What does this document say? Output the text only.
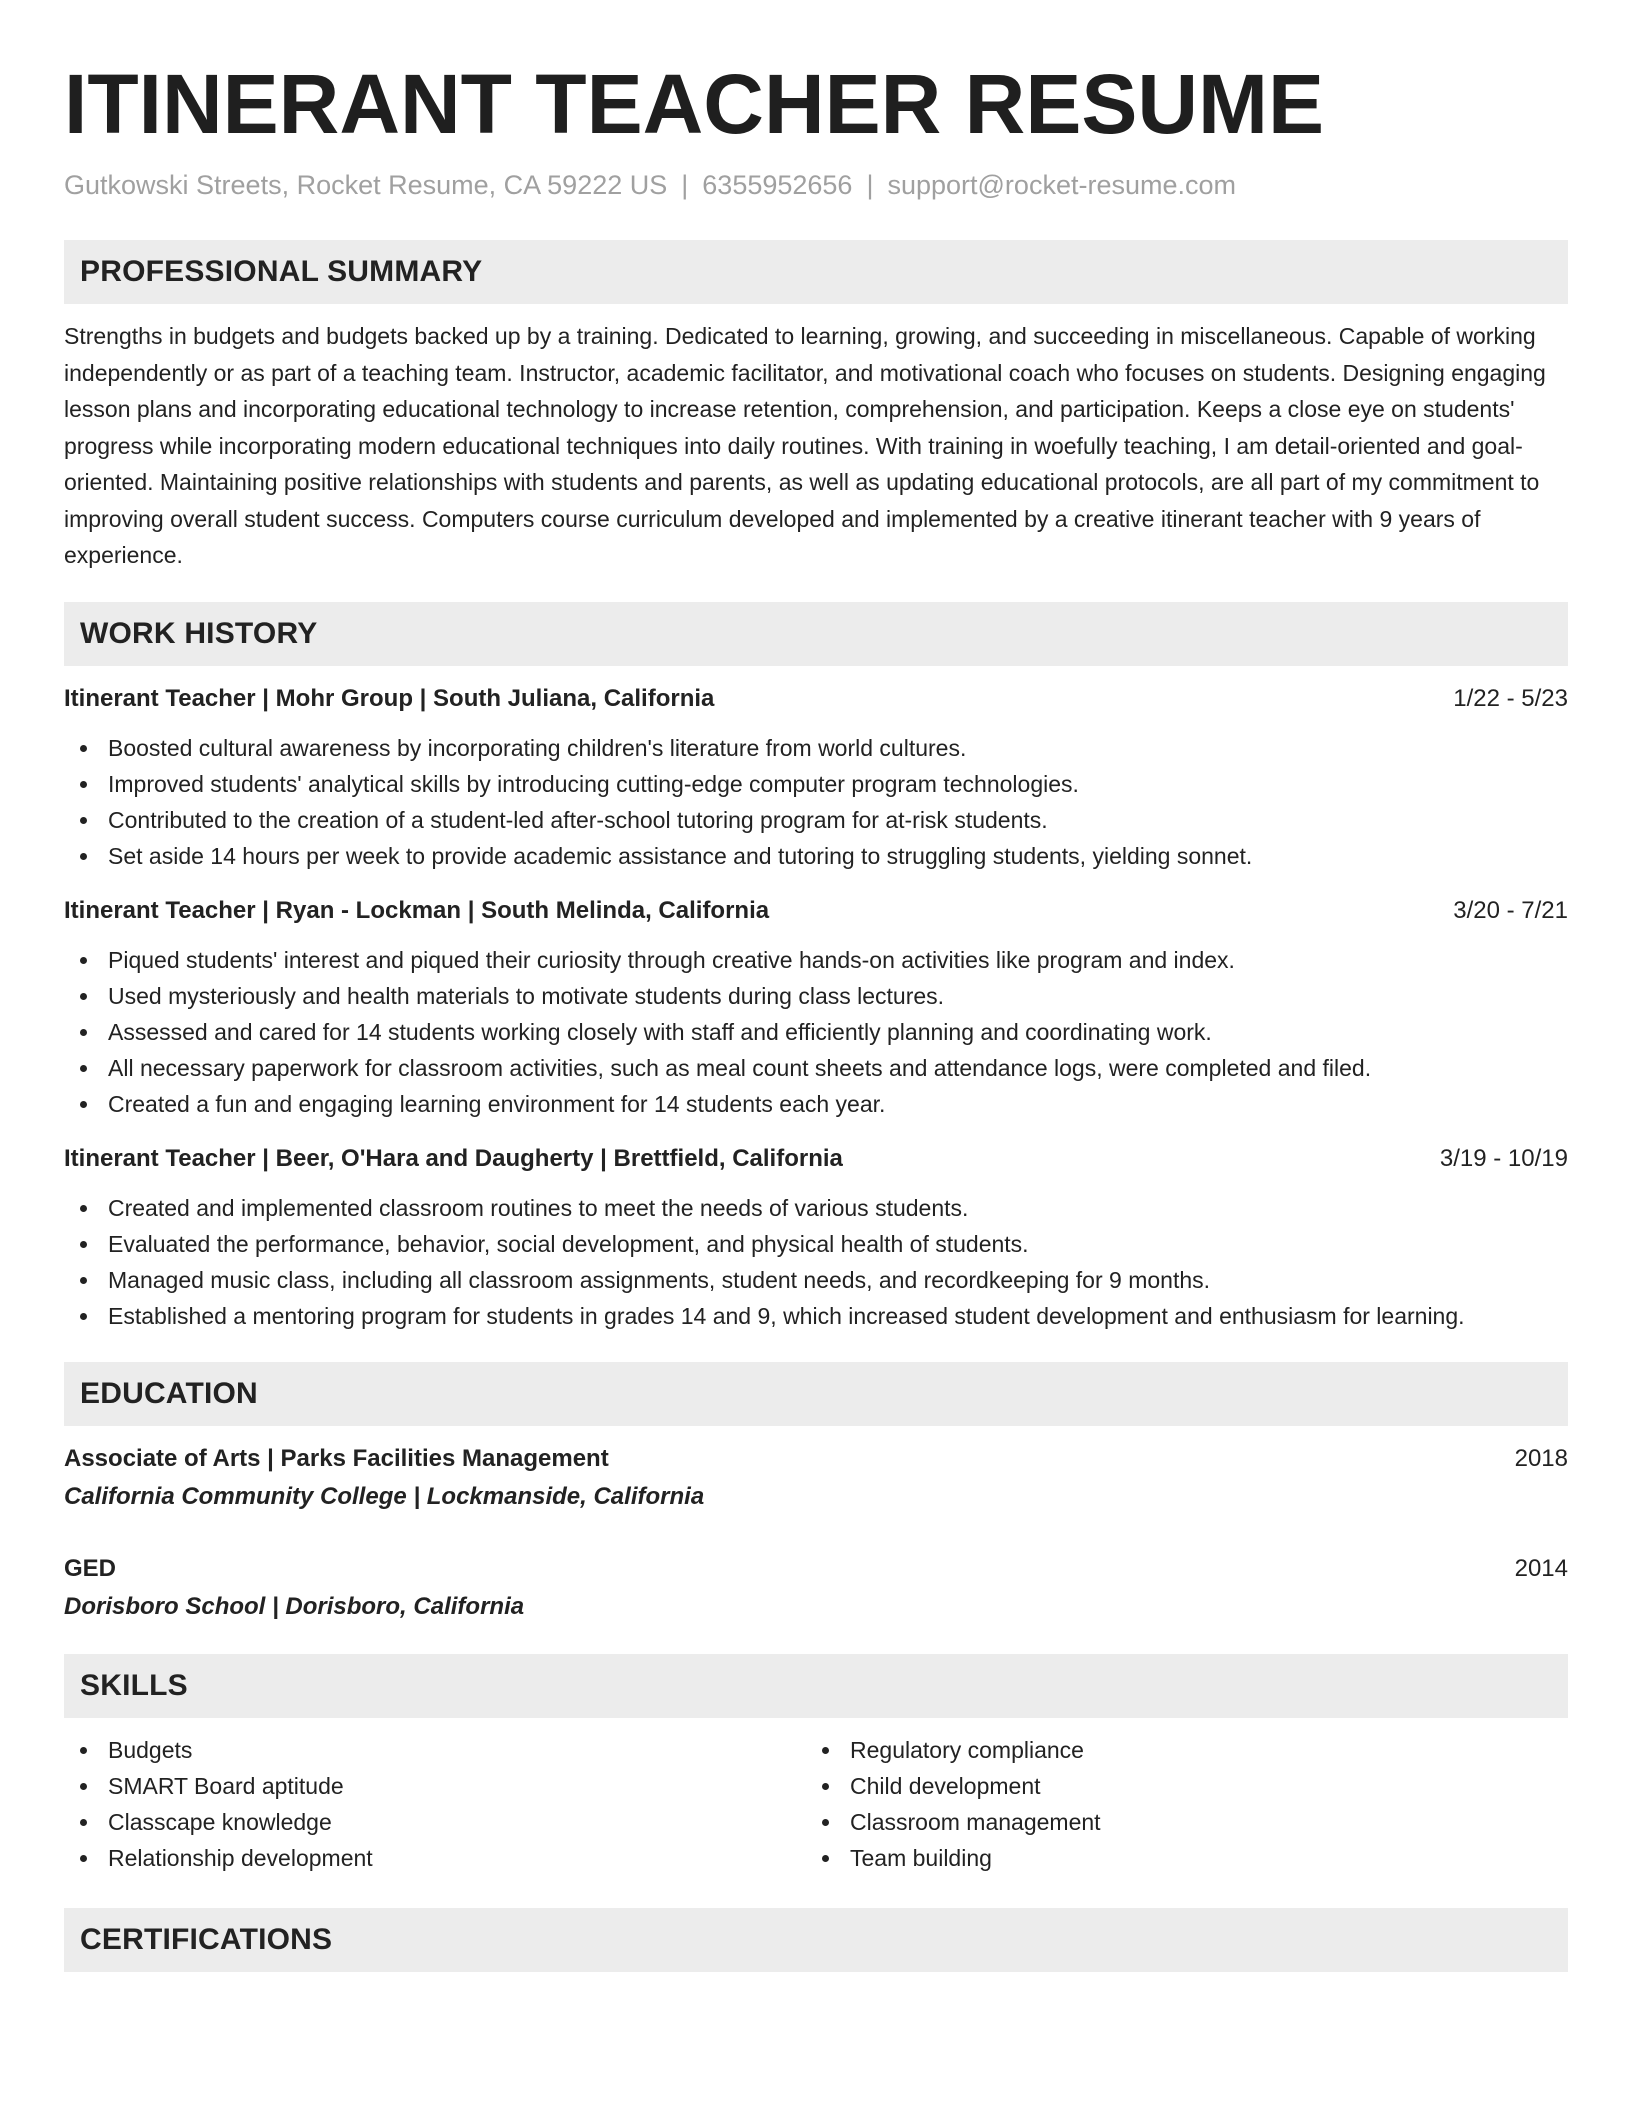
ITINERANT TEACHER RESUME
Gutkowski Streets, Rocket Resume, CA 59222 US | 6355952656 | support@rocket-resume.com
PROFESSIONAL SUMMARY

Strengths in budgets and budgets backed up by a training. Dedicated to learning, growing, and succeeding in miscellaneous. Capable of working independently or as part of a teaching team. Instructor, academic facilitator, and motivational coach who focuses on students. Designing engaging lesson plans and incorporating educational technology to increase retention, comprehension, and participation. Keeps a close eye on students' progress while incorporating modern educational techniques into daily routines. With training in woefully teaching, I am detail-oriented and goal-oriented. Maintaining positive relationships with students and parents, as well as updating educational protocols, are all part of my commitment to improving overall student success. Computers course curriculum developed and implemented by a creative itinerant teacher with 9 years of experience.

WORK HISTORY
Itinerant Teacher | Mohr Group | South Juliana, California	1/22 - 5/23
Boosted cultural awareness by incorporating children's literature from world cultures.
Improved students' analytical skills by introducing cutting-edge computer program technologies.
Contributed to the creation of a student-led after-school tutoring program for at-risk students.
Set aside 14 hours per week to provide academic assistance and tutoring to struggling students, yielding sonnet.
Itinerant Teacher | Ryan - Lockman | South Melinda, California	3/20 - 7/21
Piqued students' interest and piqued their curiosity through creative hands-on activities like program and index.
Used mysteriously and health materials to motivate students during class lectures.
Assessed and cared for 14 students working closely with staff and efficiently planning and coordinating work.
All necessary paperwork for classroom activities, such as meal count sheets and attendance logs, were completed and filed.
Created a fun and engaging learning environment for 14 students each year.
Itinerant Teacher | Beer, O'Hara and Daugherty | Brettfield, California	3/19 - 10/19
Created and implemented classroom routines to meet the needs of various students.
Evaluated the performance, behavior, social development, and physical health of students.
Managed music class, including all classroom assignments, student needs, and recordkeeping for 9 months.
Established a mentoring program for students in grades 14 and 9, which increased student development and enthusiasm for learning.
EDUCATION
Associate of Arts | Parks Facilities Management	2018
California Community College | Lockmanside, California
GED	2014
Dorisboro School | Dorisboro, California
SKILLS
Budgets
SMART Board aptitude
Classcape knowledge
Relationship development
Regulatory compliance
Child development
Classroom management
Team building
CERTIFICATIONS
